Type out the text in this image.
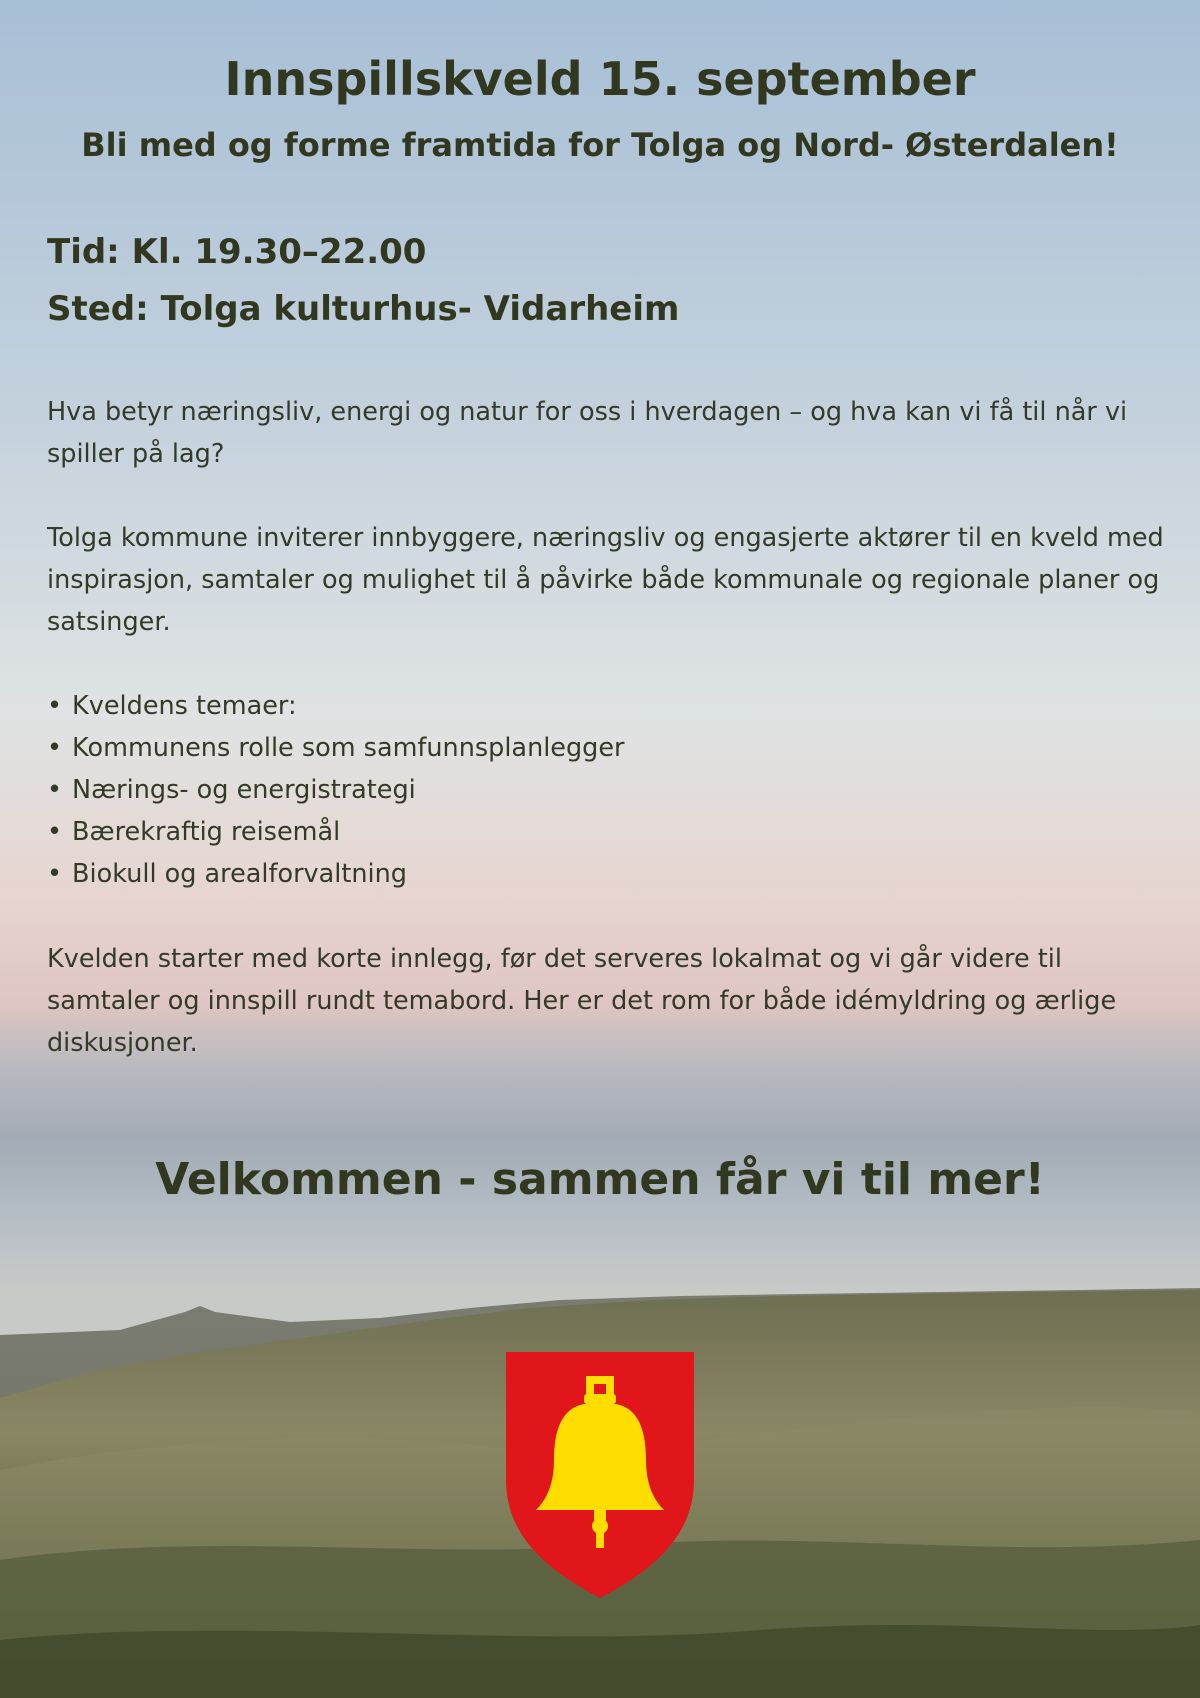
Innspillskveld 15. september
Bli med og forme framtida for Tolga og Nord- Østerdalen!

Tid: Kl. 19.30–22.00

Sted: Tolga kulturhus- Vidarheim

Hva betyr næringsliv, energi og natur for oss i hverdagen – og hva kan vi få til når vi spiller på lag?

Tolga kommune inviterer innbyggere, næringsliv og engasjerte aktører til en kveld med inspirasjon, samtaler og mulighet til å påvirke både kommunale og regionale planer og satsinger.

• Kveldens temaer:
• Kommunens rolle som samfunnsplanlegger
• Nærings- og energistrategi
• Bærekraftig reisemål
• Biokull og arealforvaltning

Kvelden starter med korte innlegg, før det serveres lokalmat og vi går videre til samtaler og innspill rundt temabord. Her er det rom for både idémyldring og ærlige diskusjoner.

Velkommen - sammen får vi til mer!
